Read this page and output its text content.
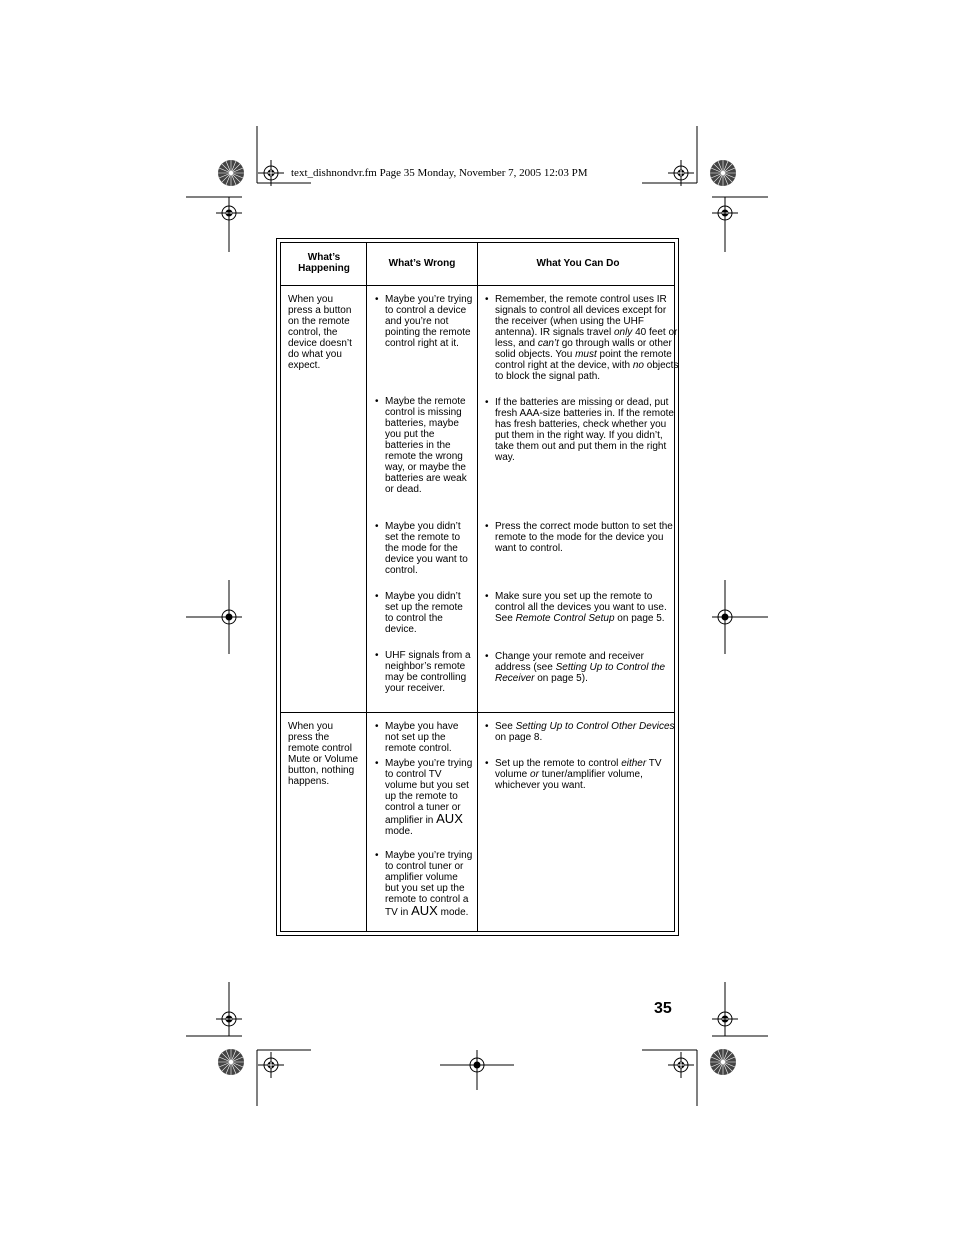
text_dishnondvr.fm Page 35 Monday, November 7, 2005 12:03 PM
What’s Happening	What’s Wrong	What You Can Do
When you press a button on the remote control, the device doesn’t do what you expect.
• Maybe you’re trying to control a device and you’re not pointing the remote control right at it.
• Remember, the remote control uses IR signals to control all devices except for the receiver (when using the UHF antenna). IR signals travel only 40 feet or less, and can’t go through walls or other solid objects. You must point the remote control right at the device, with no objects to block the signal path.
• Maybe the remote control is missing batteries, maybe you put the batteries in the remote the wrong way, or maybe the batteries are weak or dead.
• If the batteries are missing or dead, put fresh AAA-size batteries in. If the remote has fresh batteries, check whether you put them in the right way. If you didn’t, take them out and put them in the right way.
• Maybe you didn’t set the remote to the mode for the device you want to control.
• Press the correct mode button to set the remote to the mode for the device you want to control.
• Maybe you didn’t set up the remote to control the device.
• Make sure you set up the remote to control all the devices you want to use. See Remote Control Setup on page 5.
• UHF signals from a neighbor’s remote may be controlling your receiver.
• Change your remote and receiver address (see Setting Up to Control the Receiver on page 5).
When you press the remote control Mute or Volume button, nothing happens.
• Maybe you have not set up the remote control.
• Maybe you’re trying to control TV volume but you set up the remote to control a tuner or amplifier in AUX mode.
• Maybe you’re trying to control tuner or amplifier volume but you set up the remote to control a TV in AUX mode.
• See Setting Up to Control Other Devices on page 8.
• Set up the remote to control either TV volume or tuner/amplifier volume, whichever you want.
35
